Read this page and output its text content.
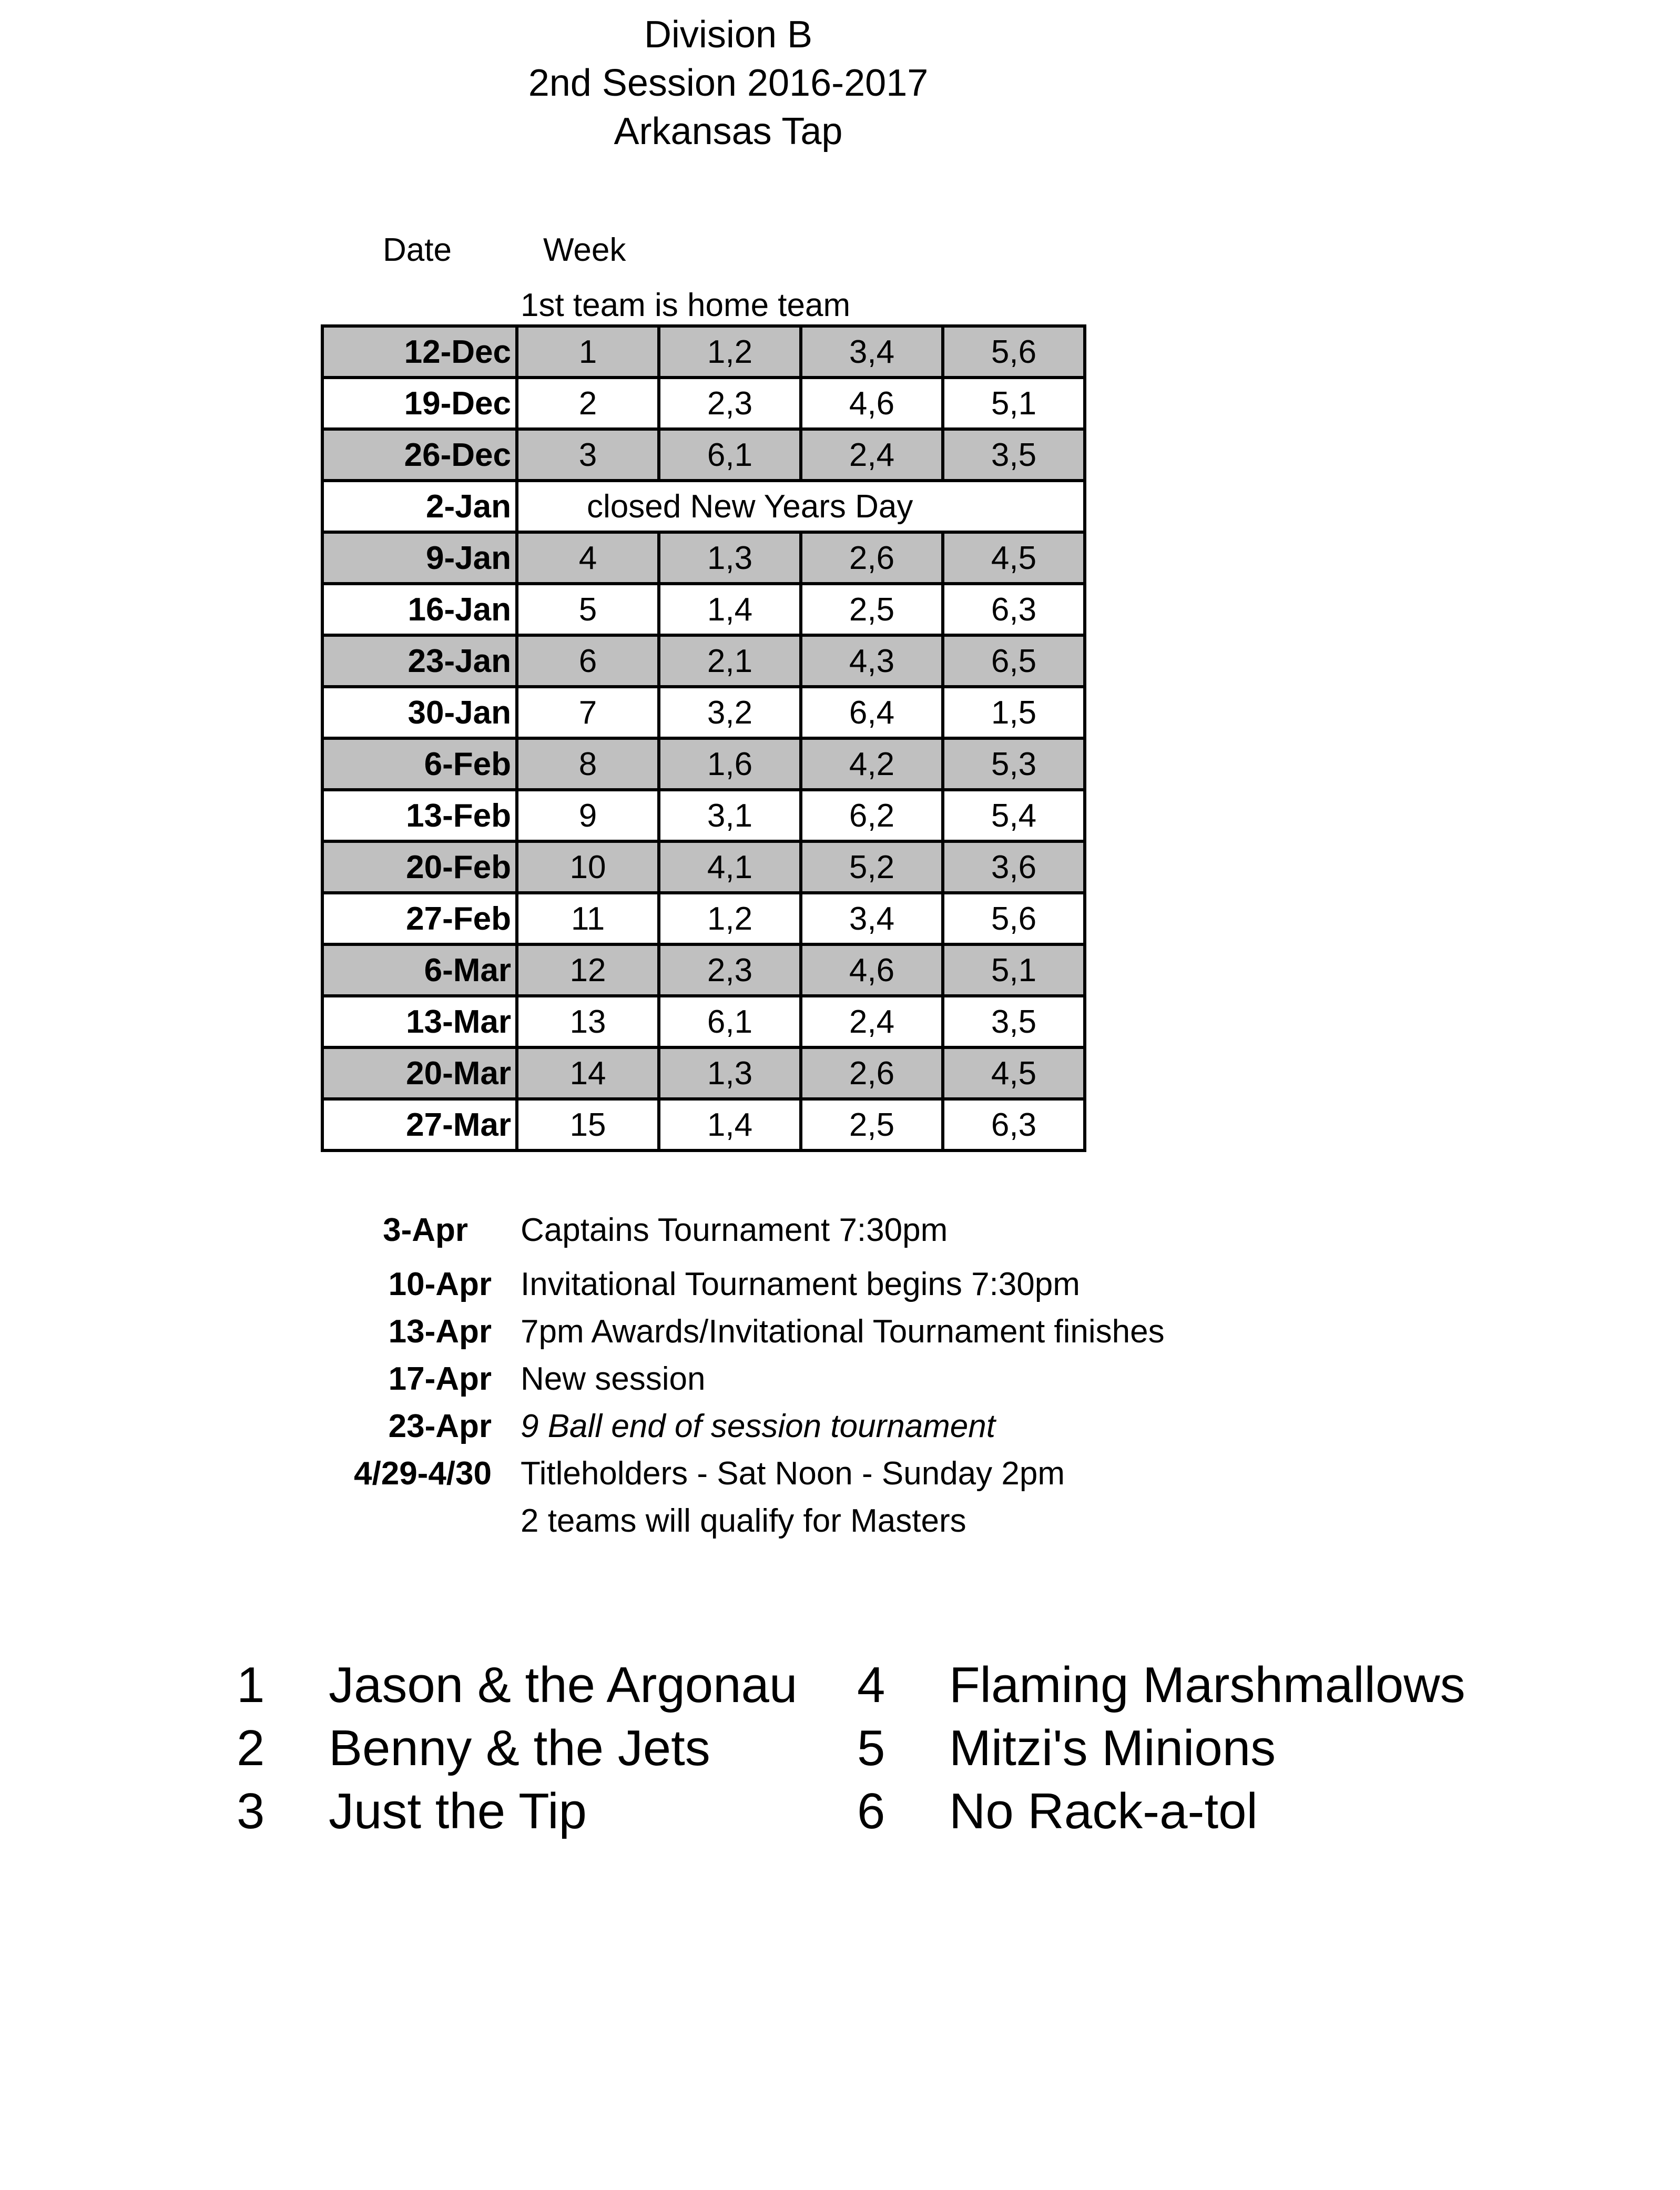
Division B
2nd Session 2016-2017
Arkansas Tap
Date	Week
1st team is home team
12-Dec	1	1,2	3,4	5,6
19-Dec	2	2,3	4,6	5,1
26-Dec	3	6,1	2,4	3,5
2-Jan	closed New Years Day			
9-Jan	4	1,3	2,6	4,5
16-Jan	5	1,4	2,5	6,3
23-Jan	6	2,1	4,3	6,5
30-Jan	7	3,2	6,4	1,5
6-Feb	8	1,6	4,2	5,3
13-Feb	9	3,1	6,2	5,4
20-Feb	10	4,1	5,2	3,6
27-Feb	11	1,2	3,4	5,6
6-Mar	12	2,3	4,6	5,1
13-Mar	13	6,1	2,4	3,5
20-Mar	14	1,3	2,6	4,5
27-Mar	15	1,4	2,5	6,3
3-Apr Captains Tournament 7:30pm
10-Apr Invitational Tournament begins 7:30pm
13-Apr 7pm Awards/Invitational Tournament finishes
17-Apr New session
23-Apr 9 Ball end of session tournament
4/29-4/30 Titleholders - Sat Noon - Sunday 2pm
2 teams will qualify for Masters
1 Jason & the Argonau
2 Benny & the Jets
3 Just the Tip
4 Flaming Marshmallows
5 Mitzi's Minions
6 No Rack-a-tol
